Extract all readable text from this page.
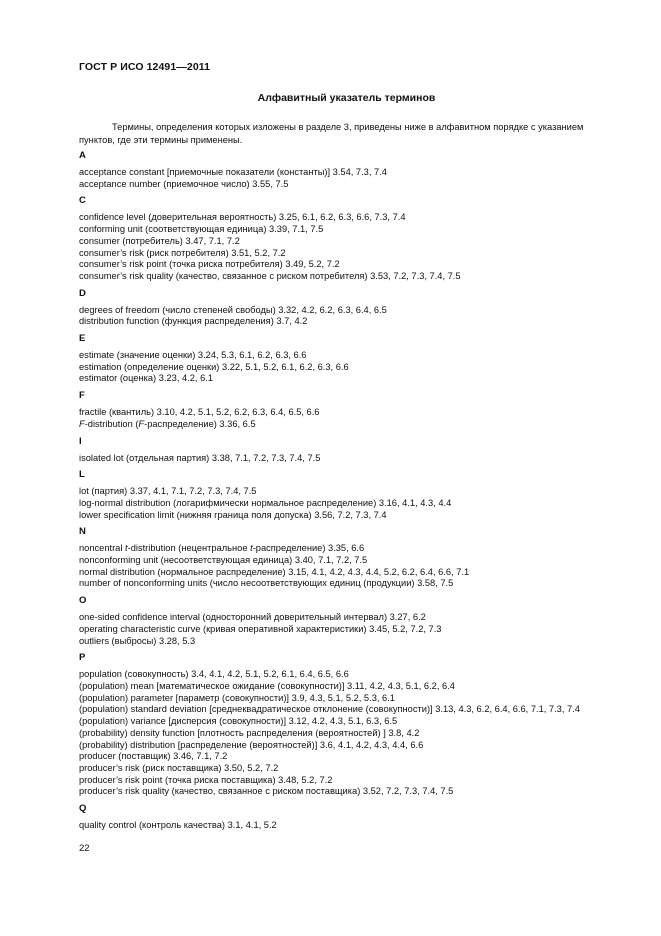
ГОСТ Р ИСО 12491—2011
Алфавитный указатель терминов
Термины, определения которых изложены в разделе 3, приведены ниже в алфавитном порядке с указанием пунктов, где эти термины применены.
A
acceptance constant [приемочные показатели (константы)] 3.54, 7.3, 7.4
acceptance number (приемочное число) 3.55, 7.5
C
confidence level (доверительная вероятность) 3.25, 6.1, 6.2, 6.3, 6.6, 7.3, 7.4
conforming unit (соответствующая единица) 3.39, 7.1, 7.5
consumer (потребитель) 3.47, 7.1, 7.2
consumer’s risk (риск потребителя) 3.51, 5.2, 7.2
consumer’s risk point (точка риска потребителя) 3.49, 5.2, 7.2
consumer’s risk quality (качество, связанное с риском потребителя) 3.53, 7.2, 7.3, 7.4, 7.5
D
degrees of freedom (число степеней свободы) 3.32, 4.2, 6.2, 6.3, 6.4, 6.5
distribution function (функция распределения) 3.7, 4.2
E
estimate (значение оценки) 3.24, 5.3, 6.1, 6.2, 6.3, 6.6
estimation (определение оценки) 3.22, 5.1, 5.2, 6.1, 6.2, 6.3, 6.6
estimator (оценка) 3.23, 4.2, 6.1
F
fractile (квантиль) 3.10, 4.2, 5.1, 5.2, 6.2, 6.3, 6.4, 6.5, 6.6
F-distribution (F-распределение) 3.36, 6.5
I
isolated lot (отдельная партия) 3.38, 7.1, 7.2, 7.3, 7.4, 7.5
L
lot (партия) 3.37, 4.1, 7.1, 7.2, 7.3, 7.4, 7.5
log-normal distribution (логарифмически нормальное распределение) 3.16, 4.1, 4.3, 4.4
lower specification limit (нижняя граница поля допуска) 3.56, 7.2, 7.3, 7.4
N
noncentral t-distribution (нецентральное t-распределение) 3.35, 6.6
nonconforming unit (несоответствующая единица) 3.40, 7.1, 7.2, 7.5
normal distribution (нормальное распределение) 3.15, 4.1, 4.2, 4.3, 4.4, 5.2, 6.2, 6.4, 6.6, 7.1
number of nonconforming units (число несоответствующих единиц (продукции) 3.58, 7.5
O
one-sided confidence interval (односторонний доверительный интервал) 3.27, 6.2
operating characteristic curve (кривая оперативной характеристики) 3.45, 5.2, 7.2, 7.3
outliers (выбросы) 3.28, 5.3
P
population (совокупность) 3.4, 4.1, 4.2, 5.1, 5.2, 6.1, 6.4, 6.5, 6.6
(population) mean [математическое ожидание (совокупности)] 3.11, 4.2, 4.3, 5.1, 6.2, 6.4
(population) parameter [параметр (совокупности)] 3.9, 4.3, 5.1, 5.2, 5.3, 6.1
(population) standard deviation [среднеквадратическое отклонение (совокупности)] 3.13, 4.3, 6.2, 6.4, 6.6, 7.1, 7.3, 7.4
(population) variance [дисперсия (совокупности)] 3.12, 4.2, 4.3, 5.1, 6.3, 6.5
(probability) density function [плотность распределения (вероятностей) ] 3.8, 4.2
(probability) distribution [распределение (вероятностей)] 3.6, 4.1, 4.2, 4.3, 4.4, 6.6
producer (поставщик) 3.46, 7.1, 7.2
producer’s risk (риск поставщика) 3.50, 5.2, 7.2
producer’s risk point (точка риска поставщика) 3.48, 5.2, 7.2
producer’s risk quality (качество, связанное с риском поставщика) 3.52, 7.2, 7.3, 7.4, 7.5
Q
quality control (контроль качества) 3.1, 4.1, 5.2
22
